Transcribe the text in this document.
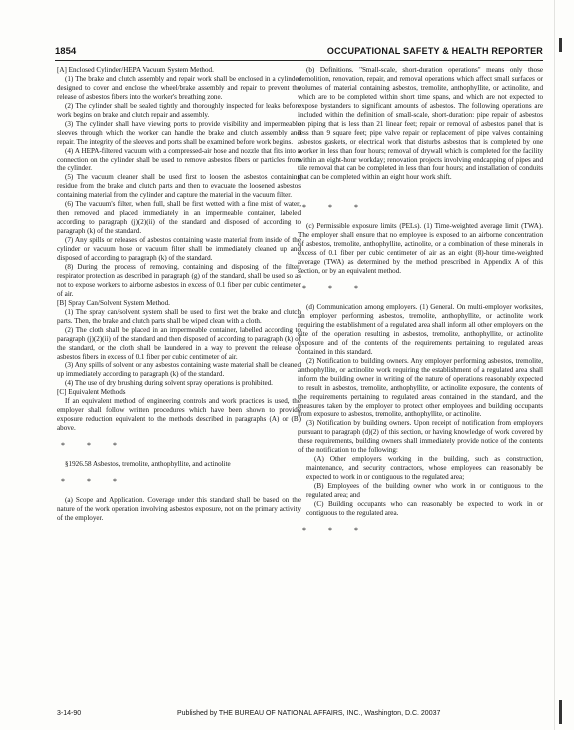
1854	OCCUPATIONAL SAFETY & HEALTH REPORTER

[A] Enclosed Cylinder/HEPA Vacuum System Method.

(1) The brake and clutch assembly and repair work shall be enclosed in a cylinder designed to cover and enclose the wheel/brake assembly and repair to prevent the release of asbestos fibers into the worker's breathing zone.

(2) The cylinder shall be sealed tightly and thoroughly inspected for leaks before work begins on brake and clutch repair and assembly.

(3) The cylinder shall have viewing ports to provide visibility and impermeable sleeves through which the worker can handle the brake and clutch assembly and repair. The integrity of the sleeves and ports shall be examined before work begins.

(4) A HEPA-filtered vacuum with a compressed-air hose and nozzle that fits into a connection on the cylinder shall be used to remove asbestos fibers or particles from the cylinder.

(5) The vacuum cleaner shall be used first to loosen the asbestos containing residue from the brake and clutch parts and then to evacuate the loosened asbestos containing material from the cylinder and capture the material in the vacuum filter.

(6) The vacuum's filter, when full, shall be first wetted with a fine mist of water, then removed and placed immediately in an impermeable container, labeled according to paragraph (j)(2)(ii) of the standard and disposed of according to paragraph (k) of the standard.

(7) Any spills or releases of asbestos containing waste material from inside of the cylinder or vacuum hose or vacuum filter shall be immediately cleaned up and disposed of according to paragraph (k) of the standard.

(8) During the process of removing, containing and disposing of the filter, respirator protection as described in paragraph (g) of the standard, shall be used so as not to expose workers to airborne asbestos in excess of 0.1 fiber per cubic centimeter of air.

[B] Spray Can/Solvent System Method.

(1) The spray can/solvent system shall be used to first wet the brake and clutch parts. Then, the brake and clutch parts shall be wiped clean with a cloth.

(2) The cloth shall be placed in an impermeable container, labelled according to paragraph (j)(2)(ii) of the standard and then disposed of according to paragraph (k) of the standard, or the cloth shall be laundered in a way to prevent the release of asbestos fibers in excess of 0.1 fiber per cubic centimeter of air.

(3) Any spills of solvent or any asbestos containing waste material shall be cleaned up immediately according to paragraph (k) of the standard.

(4) The use of dry brushing during solvent spray operations is prohibited.

[C] Equivalent Methods

If an equivalent method of engineering controls and work practices is used, the employer shall follow written procedures which have been shown to provide exposure reduction equivalent to the methods described in paragraphs (A) or (B) above.

* * *

§1926.58 Asbestos, tremolite, anthophyllite, and actinolite

* * *

(a) Scope and Application. Coverage under this standard shall be based on the nature of the work operation involving asbestos exposure, not on the primary activity of the employer.

(b) Definitions. "Small-scale, short-duration operations" means only those demolition, renovation, repair, and removal operations which affect small surfaces or volumes of material containing asbestos, tremolite, anthophyllite, or actinolite, and which are to be completed within short time spans, and which are not expected to expose bystanders to significant amounts of asbestos. The following operations are included within the definition of small-scale, short-duration: pipe repair of asbestos on piping that is less than 21 linear feet; repair or removal of asbestos panel that is less than 9 square feet; pipe valve repair or replacement of pipe valves containing asbestos gaskets, or electrical work that disturbs asbestos that is completed by one worker in less than four hours; removal of drywall which is completed for the facility within an eight-hour workday; renovation projects involving endcapping of pipes and tile removal that can be completed in less than four hours; and installation of conduits that can be completed within an eight hour work shift.

* * *

(c) Permissible exposure limits (PELs). (1) Time-weighted average limit (TWA). The employer shall ensure that no employee is exposed to an airborne concentration of asbestos, tremolite, anthophyllite, actinolite, or a combination of these minerals in excess of 0.1 fiber per cubic centimeter of air as an eight (8)-hour time-weighted average (TWA) as determined by the method prescribed in Appendix A of this section, or by an equivalent method.

* * *

(d) Communication among employers. (1) General. On multi-employer worksites, an employer performing asbestos, tremolite, anthophyllite, or actinolite work requiring the establishment of a regulated area shall inform all other employers on the site of the operation resulting in asbestos, tremolite, anthophyllite, or actinolite exposure and of the contents of the requirements pertaining to regulated areas contained in this standard.

(2) Notification to building owners. Any employer performing asbestos, tremolite, anthophyllite, or actinolite work requiring the establishment of a regulated area shall inform the building owner in writing of the nature of operations reasonably expected to result in asbestos, tremolite, anthophyllite, or actinolite exposure, the contents of the requirements pertaining to regulated areas contained in the standard, and the measures taken by the employer to protect other employees and building occupants from exposure to asbestos, tremolite, anthophyllite, or actinolite.

(3) Notification by building owners. Upon receipt of notification from employers pursuant to paragraph (d)(2) of this section, or having knowledge of work covered by these requirements, building owners shall immediately provide notice of the contents of the notification to the following:

(A) Other employers working in the building, such as construction, maintenance, and security contractors, whose employees can reasonably be expected to work in or contiguous to the regulated area;

(B) Employees of the building owner who work in or contiguous to the regulated area; and

(C) Building occupants who can reasonably be expected to work in or contiguous to the regulated area.

* * *
3-14-90	Published by THE BUREAU OF NATIONAL AFFAIRS, INC., Washington, D.C. 20037
